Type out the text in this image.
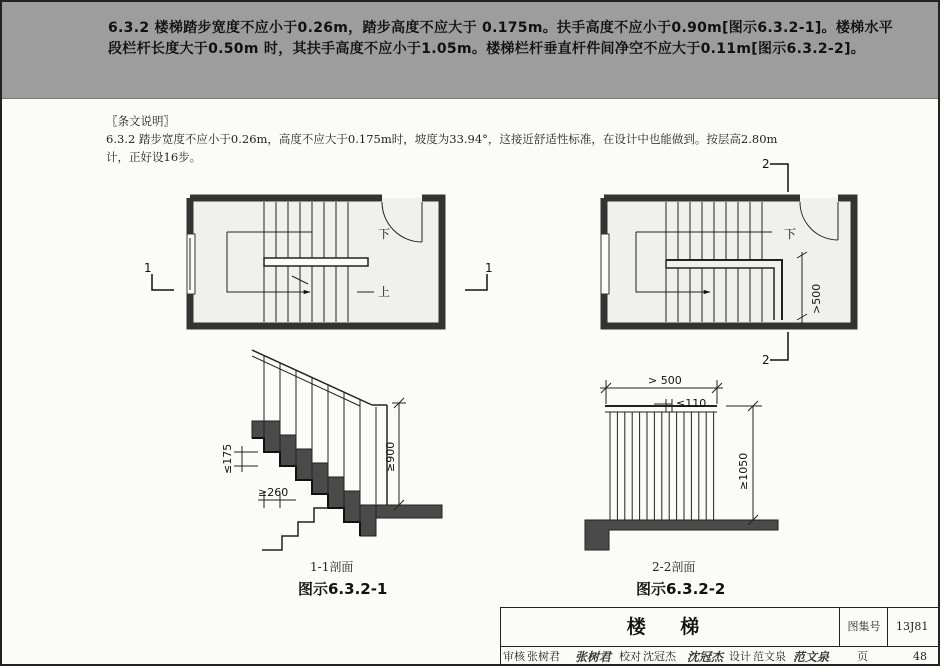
6.3.2 楼梯踏步宽度不应小于0.26m，踏步高度不应大于 0.175m。扶手高度不应小于0.90m[图示6.3.2-1]。楼梯水平
段栏杆长度大于0.50m 时，其扶手高度不应小于1.05m。楼梯栏杆垂直杆件间净空不应大于0.11m[图示6.3.2-2]。

〖条文说明〗

6.3.2 踏步宽度不应小于0.26m，高度不应大于0.175m时，坡度为33.94°，这接近舒适性标准，在设计中也能做到。按层高2.80m

计，正好设16步。

下
上
1	1
下
>500
2
2
≤175
≥260
≥900
> 500
≤110
≥1050
1-1剖面	2-2剖面
图示6.3.2-1	图示6.3.2-2
楼 梯	图集号	13J81
审核 张树君 张树君 校对 沈冠杰 沈冠杰 设计 范文泉 范文泉	页	48
